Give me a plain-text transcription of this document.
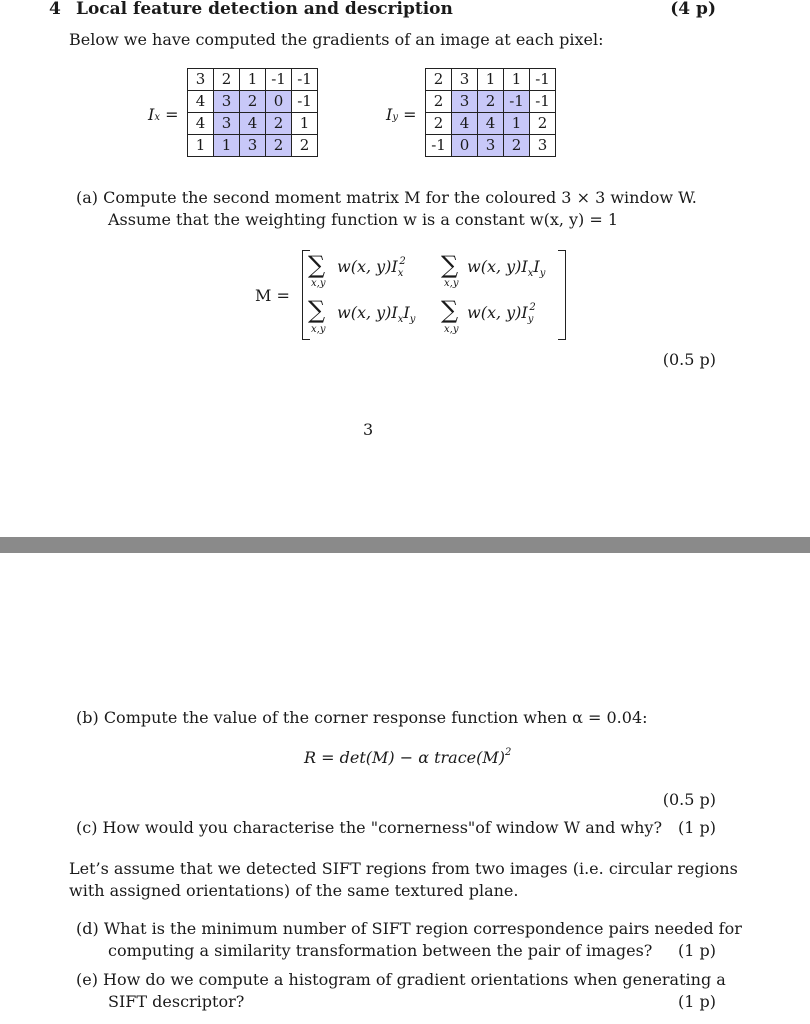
4 Local feature detection and description	(4 p)
Below we have computed the gradients of an image at each pixel:
Ix =
3	2	1	-1	-1
4	3	2	0	-1
4	3	4	2	1
1	1	3	2	2
Iy =
2	3	1	1	-1
2	3	2	-1	-1
2	4	4	1	2
-1	0	3	2	3
(a) Compute the second moment matrix M for the coloured 3 × 3 window W.
Assume that the weighting function w is a constant w(x, y) = 1
M =
∑
x,y
w(x, $y)I_x^2$ ∑
x,y
w(x, $y)I_xI_y$
∑
x,y
w(x, $y)I_xI_y$ ∑
x,y
w(x, $y)I_y^2$
(0.5 p)
3
(b) Compute the value of the corner response function when α = 0.04:
R = det(M) − α $trace(M)^2$
(0.5 p)
(c) How would you characterise the "cornerness"of window W and why? (1 p)
Let’s assume that we detected SIFT regions from two images (i.e. circular regions
with assigned orientations) of the same textured plane.
(d) What is the minimum number of SIFT region correspondence pairs needed for
computing a similarity transformation between the pair of images?	(1 p)
(e) How do we compute a histogram of gradient orientations when generating a
SIFT descriptor?	(1 p)
